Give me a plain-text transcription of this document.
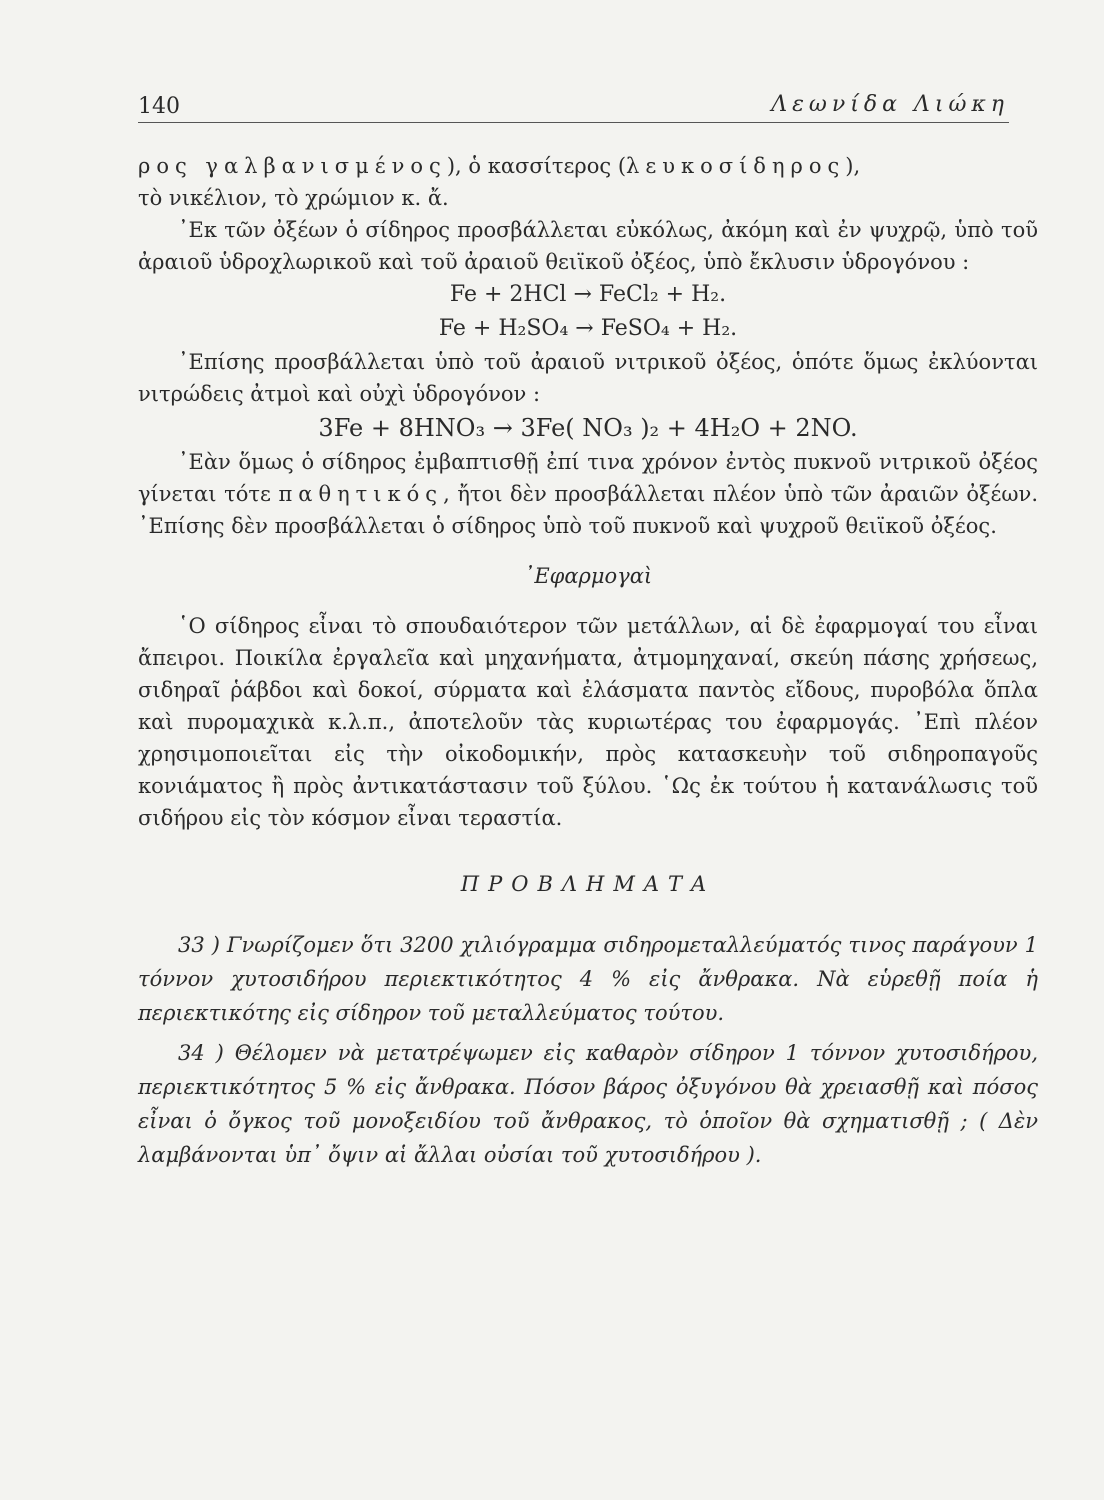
140	Λεωνίδα Λιώκη

ρος γαλβανισμένος), ὁ κασσίτερος (λευκοσίδηρος),

τὸ νικέλιον, τὸ χρώμιον κ. ἄ.

᾿Εκ τῶν ὀξέων ὁ σίδηρος προσβάλλεται εὐκόλως, ἀκόμη καὶ ἐν ψυχρῷ, ὑπὸ τοῦ ἀραιοῦ ὑδροχλωρικοῦ καὶ τοῦ ἀραιοῦ θειϊκοῦ ὀξέος, ὑπὸ ἔκλυσιν ὑδρογόνου :

Fe + 2HCl → FeCl₂ + H₂.

Fe + H₂SO₄ → FeSO₄ + H₂.

᾿Επίσης προσβάλλεται ὑπὸ τοῦ ἀραιοῦ νιτρικοῦ ὀξέος, ὁπότε ὅμως ἐκλύονται νιτρώδεις ἀτμοὶ καὶ οὐχὶ ὑδρογόνον :

3Fe + 8HNO₃ → 3Fe( NO₃ )₂ + 4H₂O + 2NO.

᾿Εὰν ὅμως ὁ σίδηρος ἐμβαπτισθῇ ἐπί τινα χρόνον ἐντὸς πυκνοῦ νιτρικοῦ ὀξέος γίνεται τότε παθητικός, ἤτοι δὲν προσβάλλεται πλέον ὑπὸ τῶν ἀραιῶν ὀξέων. ᾿Επίσης δὲν προσβάλλεται ὁ σίδηρος ὑπὸ τοῦ πυκνοῦ καὶ ψυχροῦ θειϊκοῦ ὀξέος.

᾿Εφαρμογαὶ

῾Ο σίδηρος εἶναι τὸ σπουδαιότερον τῶν μετάλλων, αἱ δὲ ἐφαρμογαί του εἶναι ἄπειροι. Ποικίλα ἐργαλεῖα καὶ μηχανήματα, ἀτμομηχαναί, σκεύη πάσης χρήσεως, σιδηραῖ ῥάβδοι καὶ δοκοί, σύρματα καὶ ἐλάσματα παντὸς εἴδους, πυροβόλα ὅπλα καὶ πυρομαχικὰ κ.λ.π., ἀποτελοῦν τὰς κυριωτέρας του ἐφαρμογάς. ᾿Επὶ πλέον χρησιμοποιεῖται εἰς τὴν οἰκοδομικήν, πρὸς κατασκευὴν τοῦ σιδηροπαγοῦς κονιάματος ἢ πρὸς ἀντικατάστασιν τοῦ ξύλου. ῾Ως ἐκ τούτου ἡ κατανάλωσις τοῦ σιδήρου εἰς τὸν κόσμον εἶναι τεραστία.

ΠΡΟΒΛΗΜΑΤΑ

33 ) Γνωρίζομεν ὅτι 3200 χιλιόγραμμα σιδηρομεταλλεύματός τινος παράγουν 1 τόννον χυτοσιδήρου περιεκτικότητος 4 % εἰς ἄνθρακα. Νὰ εὑρεθῇ ποία ἡ περιεκτικότης εἰς σίδηρον τοῦ μεταλλεύματος τούτου.

34 ) Θέλομεν νὰ μετατρέψωμεν εἰς καθαρὸν σίδηρον 1 τόννον χυτοσιδήρου, περιεκτικότητος 5 % εἰς ἄνθρακα. Πόσον βάρος ὀξυγόνου θὰ χρειασθῇ καὶ πόσος εἶναι ὁ ὄγκος τοῦ μονοξειδίου τοῦ ἄνθρακος, τὸ ὁποῖον θὰ σχηματισθῇ ; ( Δὲν λαμβάνονται ὑπ᾿ ὄψιν αἱ ἄλλαι οὐσίαι τοῦ χυτοσιδήρου ).
